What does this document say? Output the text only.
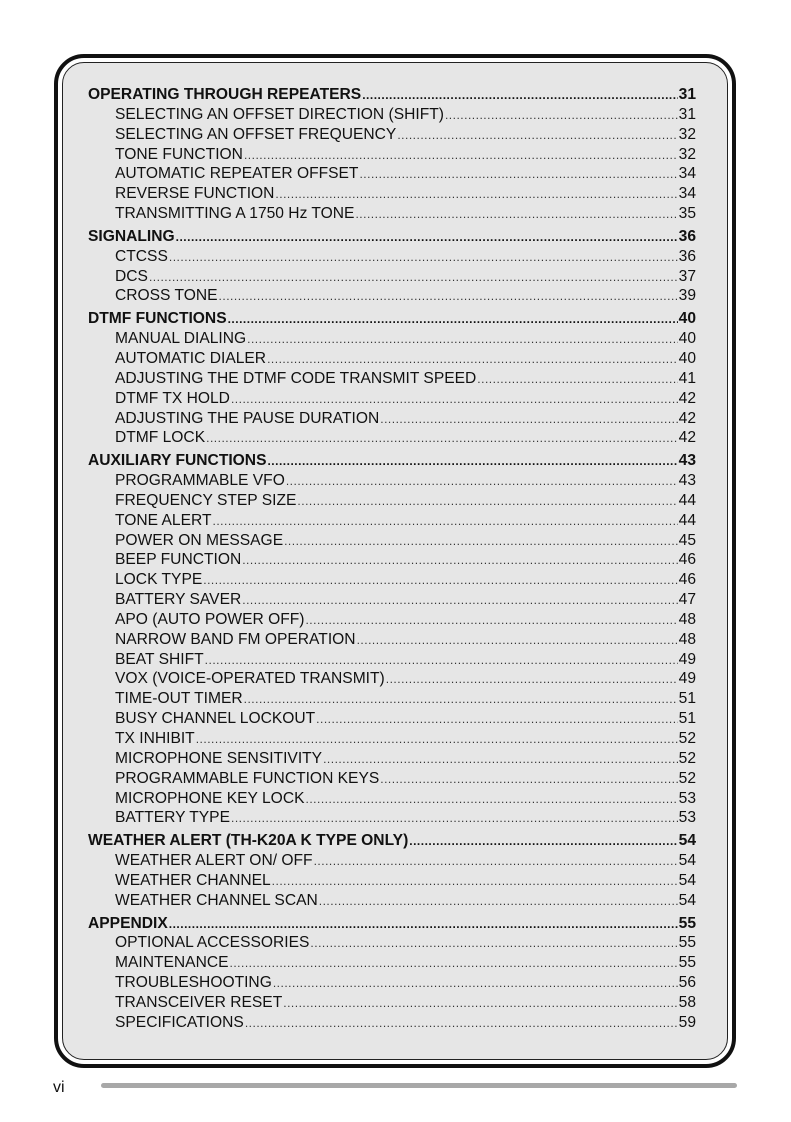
OPERATING THROUGH REPEATERS .....	31
SELECTING AN OFFSET DIRECTION (SHIFT) .....	31
SELECTING AN OFFSET FREQUENCY .....	32
TONE FUNCTION .....	32
AUTOMATIC REPEATER OFFSET .....	34
REVERSE FUNCTION .....	34
TRANSMITTING A 1750 Hz TONE .....	35
SIGNALING .....	36
CTCSS .....	36
DCS .....	37
CROSS TONE .....	39
DTMF FUNCTIONS .....	40
MANUAL DIALING .....	40
AUTOMATIC DIALER .....	40
ADJUSTING THE DTMF CODE TRANSMIT SPEED .....	41
DTMF TX HOLD .....	42
ADJUSTING THE PAUSE DURATION .....	42
DTMF LOCK .....	42
AUXILIARY FUNCTIONS .....	43
PROGRAMMABLE VFO .....	43
FREQUENCY STEP SIZE .....	44
TONE ALERT .....	44
POWER ON MESSAGE .....	45
BEEP FUNCTION .....	46
LOCK TYPE .....	46
BATTERY SAVER .....	47
APO (AUTO POWER OFF) .....	48
NARROW BAND FM OPERATION .....	48
BEAT SHIFT .....	49
VOX (VOICE-OPERATED TRANSMIT) .....	49
TIME-OUT TIMER .....	51
BUSY CHANNEL LOCKOUT .....	51
TX INHIBIT .....	52
MICROPHONE SENSITIVITY .....	52
PROGRAMMABLE FUNCTION KEYS .....	52
MICROPHONE KEY LOCK .....	53
BATTERY TYPE .....	53
WEATHER ALERT (TH-K20A K TYPE ONLY) .....	54
WEATHER ALERT ON/ OFF .....	54
WEATHER CHANNEL .....	54
WEATHER CHANNEL SCAN .....	54
APPENDIX .....	55
OPTIONAL ACCESSORIES .....	55
MAINTENANCE .....	55
TROUBLESHOOTING .....	56
TRANSCEIVER RESET .....	58
SPECIFICATIONS .....	59
vi
